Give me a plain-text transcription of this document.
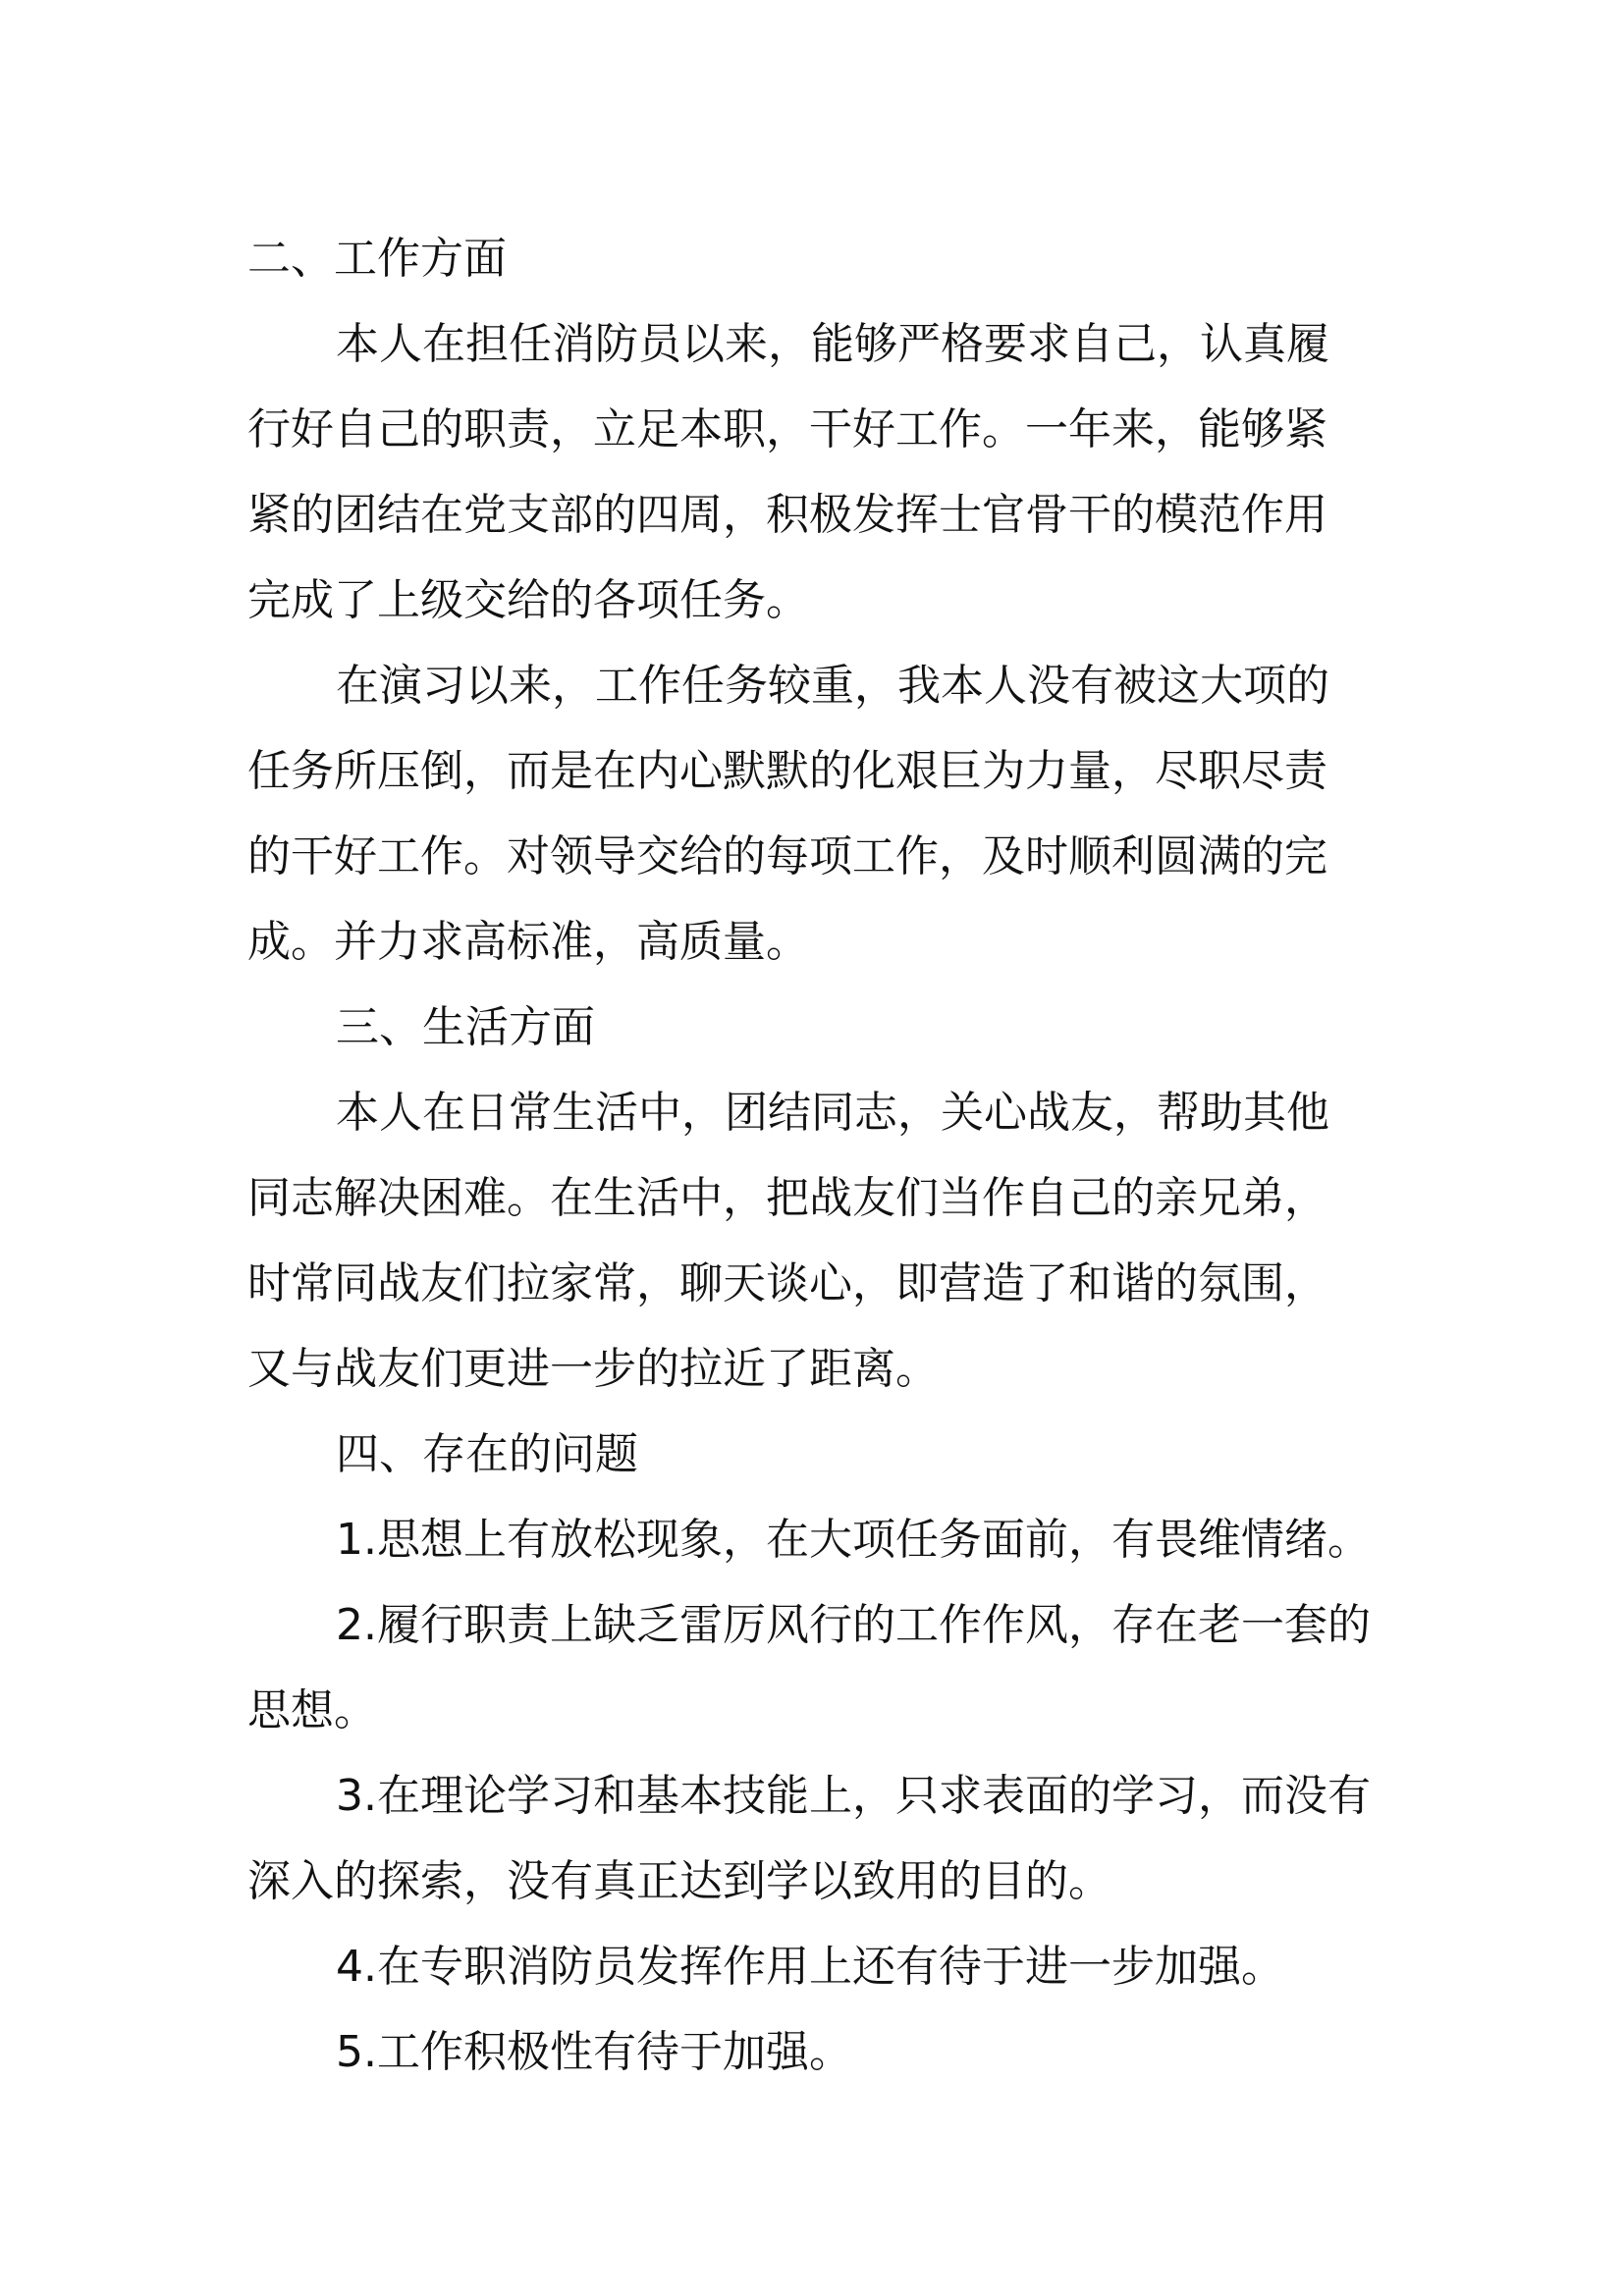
二、工作方面
本人在担任消防员以来，能够严格要求自己，认真履
行好自己的职责，立足本职，干好工作。一年来，能够紧
紧的团结在党支部的四周，积极发挥士官骨干的模范作用
完成了上级交给的各项任务。
在演习以来，工作任务较重，我本人没有被这大项的
任务所压倒，而是在内心默默的化艰巨为力量，尽职尽责
的干好工作。对领导交给的每项工作，及时顺利圆满的完
成。并力求高标准，高质量。
三、生活方面
本人在日常生活中，团结同志，关心战友，帮助其他
同志解决困难。在生活中，把战友们当作自己的亲兄弟，
时常同战友们拉家常，聊天谈心，即营造了和谐的氛围，
又与战友们更进一步的拉近了距离。
四、存在的问题
1.思想上有放松现象，在大项任务面前，有畏维情绪。
2.履行职责上缺乏雷厉风行的工作作风，存在老一套的
思想。
3.在理论学习和基本技能上，只求表面的学习，而没有
深入的探索，没有真正达到学以致用的目的。
4.在专职消防员发挥作用上还有待于进一步加强。
5.工作积极性有待于加强。
